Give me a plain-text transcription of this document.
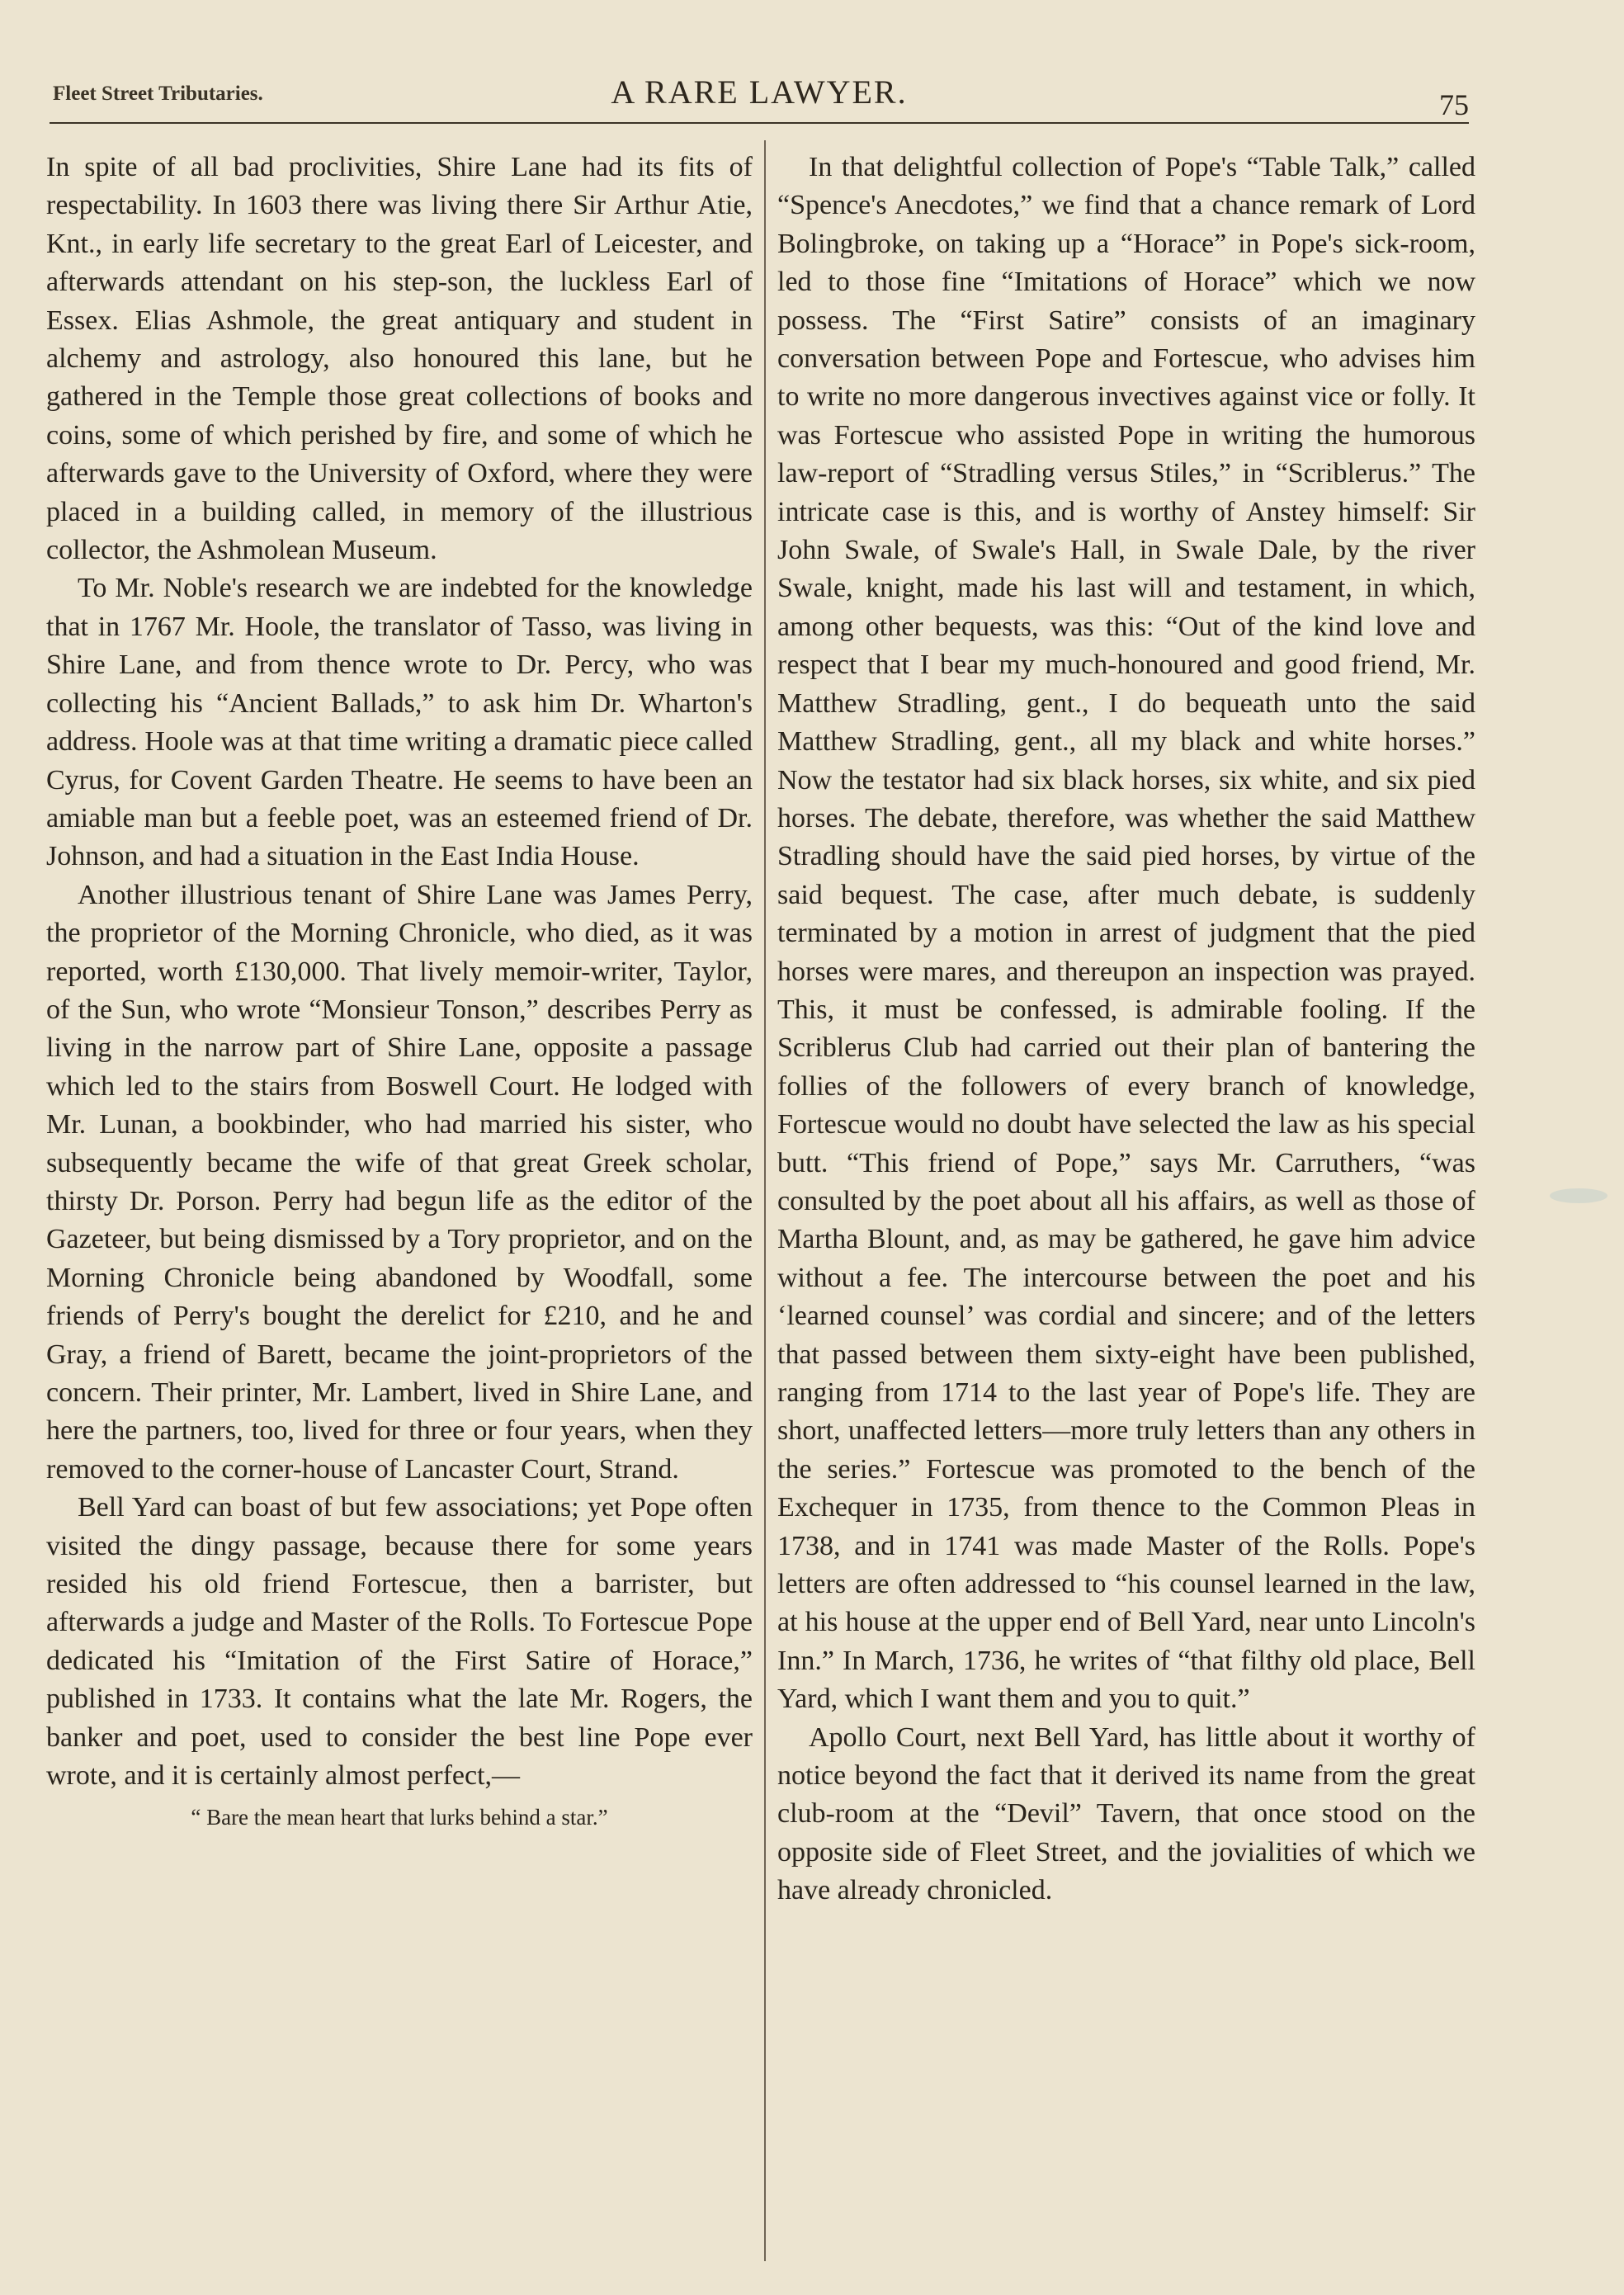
Fleet Street Tributaries.	A RARE LAWYER.	75

In spite of all bad proclivities, Shire Lane had its fits of respectability. In 1603 there was living there Sir Arthur Atie, Knt., in early life secretary to the great Earl of Leicester, and afterwards attendant on his step-son, the luckless Earl of Essex. Elias Ashmole, the great antiquary and student in alchemy and astrology, also honoured this lane, but he gathered in the Temple those great collections of books and coins, some of which perished by fire, and some of which he afterwards gave to the University of Oxford, where they were placed in a building called, in memory of the illustrious collector, the Ashmolean Museum.

To Mr. Noble's research we are indebted for the knowledge that in 1767 Mr. Hoole, the translator of Tasso, was living in Shire Lane, and from thence wrote to Dr. Percy, who was collecting his “Ancient Ballads,” to ask him Dr. Wharton's address. Hoole was at that time writing a dramatic piece called Cyrus, for Covent Garden Theatre. He seems to have been an amiable man but a feeble poet, was an esteemed friend of Dr. Johnson, and had a situation in the East India House.

Another illustrious tenant of Shire Lane was James Perry, the proprietor of the Morning Chronicle, who died, as it was reported, worth £130,000. That lively memoir-writer, Taylor, of the Sun, who wrote “Monsieur Tonson,” describes Perry as living in the narrow part of Shire Lane, opposite a passage which led to the stairs from Boswell Court. He lodged with Mr. Lunan, a bookbinder, who had married his sister, who subsequently became the wife of that great Greek scholar, thirsty Dr. Porson. Perry had begun life as the editor of the Gazeteer, but being dismissed by a Tory proprietor, and on the Morning Chronicle being abandoned by Woodfall, some friends of Perry's bought the derelict for £210, and he and Gray, a friend of Barett, became the joint-proprietors of the concern. Their printer, Mr. Lambert, lived in Shire Lane, and here the partners, too, lived for three or four years, when they removed to the corner-house of Lancaster Court, Strand.

Bell Yard can boast of but few associations; yet Pope often visited the dingy passage, because there for some years resided his old friend Fortescue, then a barrister, but afterwards a judge and Master of the Rolls. To Fortescue Pope dedicated his “Imitation of the First Satire of Horace,” published in 1733. It contains what the late Mr. Rogers, the banker and poet, used to consider the best line Pope ever wrote, and it is certainly almost perfect,—

“ Bare the mean heart that lurks behind a star.”

In that delightful collection of Pope's “Table Talk,” called “Spence's Anecdotes,” we find that a chance remark of Lord Bolingbroke, on taking up a “Horace” in Pope's sick-room, led to those fine “Imitations of Horace” which we now possess. The “First Satire” consists of an imaginary conversation between Pope and Fortescue, who advises him to write no more dangerous invectives against vice or folly. It was Fortescue who assisted Pope in writing the humorous law-report of “Stradling versus Stiles,” in “Scriblerus.” The intricate case is this, and is worthy of Anstey himself: Sir John Swale, of Swale's Hall, in Swale Dale, by the river Swale, knight, made his last will and testament, in which, among other bequests, was this: “Out of the kind love and respect that I bear my much-honoured and good friend, Mr. Matthew Stradling, gent., I do bequeath unto the said Matthew Stradling, gent., all my black and white horses.” Now the testator had six black horses, six white, and six pied horses. The debate, therefore, was whether the said Matthew Stradling should have the said pied horses, by virtue of the said bequest. The case, after much debate, is suddenly terminated by a motion in arrest of judgment that the pied horses were mares, and thereupon an inspection was prayed. This, it must be confessed, is admirable fooling. If the Scriblerus Club had carried out their plan of bantering the follies of the followers of every branch of knowledge, Fortescue would no doubt have selected the law as his special butt. “This friend of Pope,” says Mr. Carruthers, “was consulted by the poet about all his affairs, as well as those of Martha Blount, and, as may be gathered, he gave him advice without a fee. The intercourse between the poet and his ‘learned counsel’ was cordial and sincere; and of the letters that passed between them sixty-eight have been published, ranging from 1714 to the last year of Pope's life. They are short, unaffected letters—more truly letters than any others in the series.” Fortescue was promoted to the bench of the Exchequer in 1735, from thence to the Common Pleas in 1738, and in 1741 was made Master of the Rolls. Pope's letters are often addressed to “his counsel learned in the law, at his house at the upper end of Bell Yard, near unto Lincoln's Inn.” In March, 1736, he writes of “that filthy old place, Bell Yard, which I want them and you to quit.”

Apollo Court, next Bell Yard, has little about it worthy of notice beyond the fact that it derived its name from the great club-room at the “Devil” Tavern, that once stood on the opposite side of Fleet Street, and the jovialities of which we have already chronicled.
